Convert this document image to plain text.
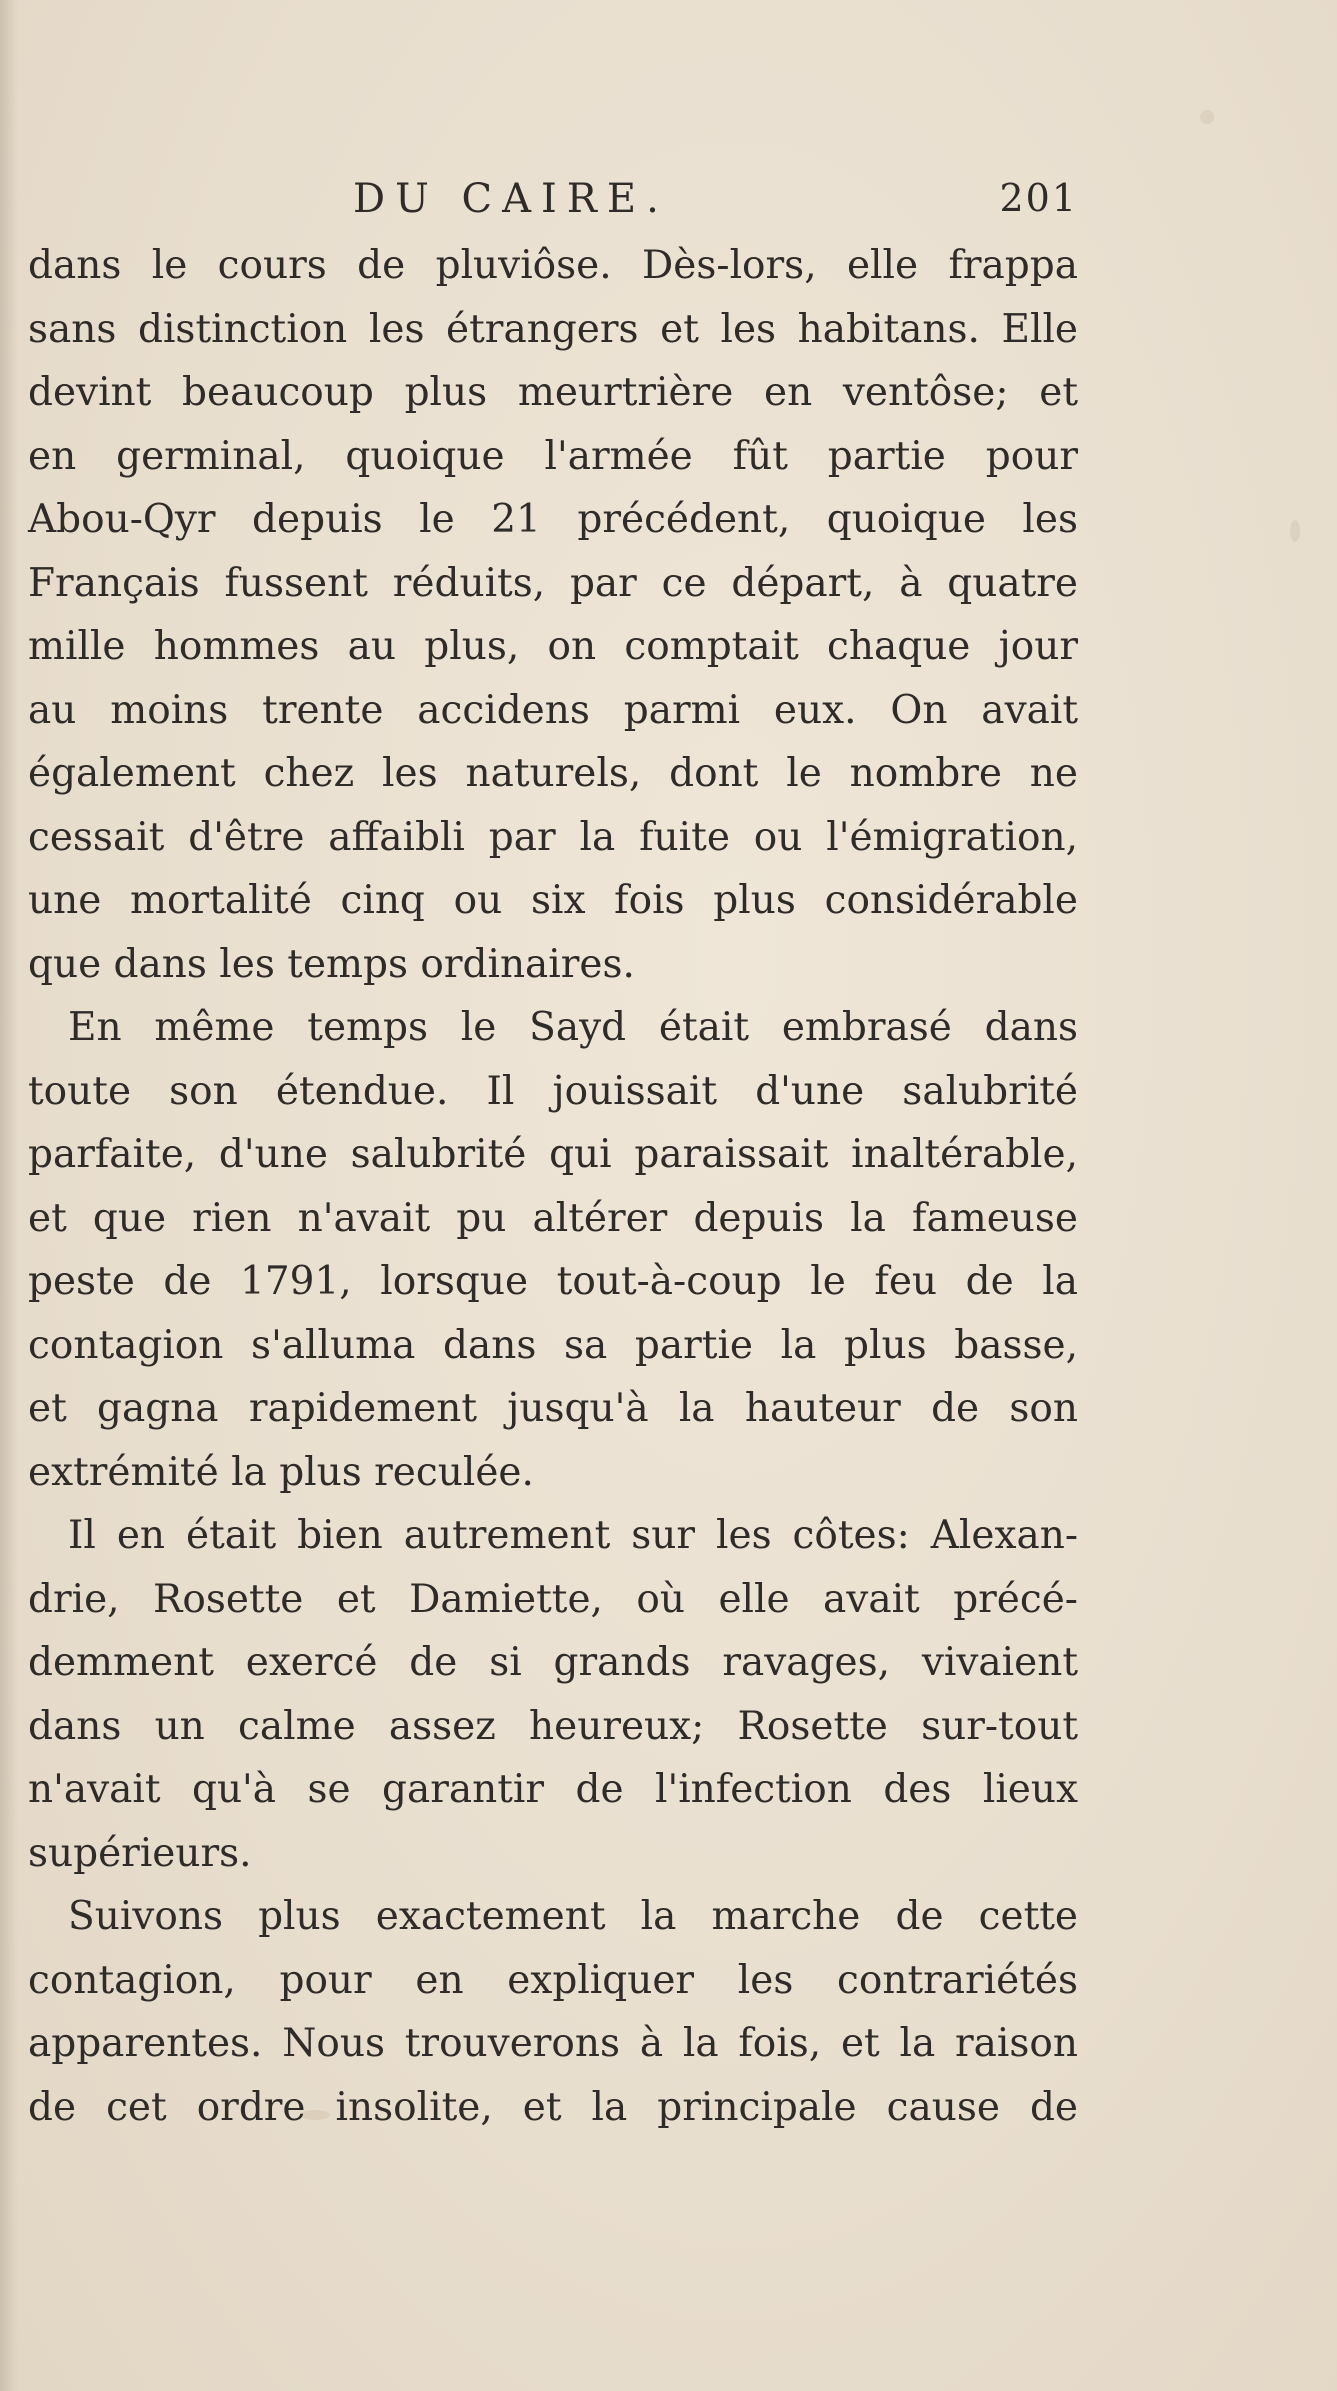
DU CAIRE.	201
dans le cours de pluviôse. Dès-lors, elle frappa
sans distinction les étrangers et les habitans. Elle
devint beaucoup plus meurtrière en ventôse; et
en germinal, quoique l'armée fût partie pour
Abou-Qyr depuis le 21 précédent, quoique les
Français fussent réduits, par ce départ, à quatre
mille hommes au plus, on comptait chaque jour
au moins trente accidens parmi eux. On avait
également chez les naturels, dont le nombre ne
cessait d'être affaibli par la fuite ou l'émigration,
une mortalité cinq ou six fois plus considérable
que dans les temps ordinaires.
En même temps le Sayd était embrasé dans
toute son étendue. Il jouissait d'une salubrité
parfaite, d'une salubrité qui paraissait inaltérable,
et que rien n'avait pu altérer depuis la fameuse
peste de 1791, lorsque tout-à-coup le feu de la
contagion s'alluma dans sa partie la plus basse,
et gagna rapidement jusqu'à la hauteur de son
extrémité la plus reculée.
Il en était bien autrement sur les côtes: Alexan-
drie, Rosette et Damiette, où elle avait précé-
demment exercé de si grands ravages, vivaient
dans un calme assez heureux; Rosette sur-tout
n'avait qu'à se garantir de l'infection des lieux
supérieurs.
Suivons plus exactement la marche de cette
contagion, pour en expliquer les contrariétés
apparentes. Nous trouverons à la fois, et la raison
de cet ordre insolite, et la principale cause de
